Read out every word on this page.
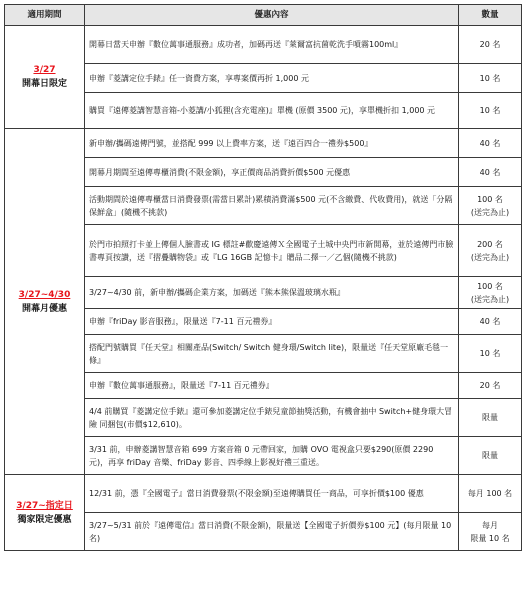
適用期間	優惠內容	數量

3/27
開幕日限定	開幕日當天申辦『數位萬事通服務』成功者，加碼再送『萊爾富抗菌乾洗手噴霧100ml』	20 名
	申辦『菱講定位手錶』任一資費方案，享專案價再折 1,000 元	10 名
	購買『遠傳菱講智慧音箱-小菱講/小狐狸(含充電座)』單機 (原價 3500 元)，享單機折扣 1,000 元	10 名

3/27~4/30
開幕月優惠	新申辦/攜碼遠傳門號，並搭配 999 以上費率方案，送『遠百四合一禮券$500』	40 名
	開幕月期間至遠傳專櫃消費(不限金額)，享正價商品消費折價$500 元優惠	40 名
	活動期間於遠傳專櫃當日消費發票(需當日累計)累積消費滿$500 元(不含繳費、代收費用)，就送「分隔保鮮盒」(隨機不挑款)	100 名
(送完為止)
	於門市拍照打卡並上傳個人臉書或 IG 標註#歡慶遠傳Ｘ全國電子土城中央門市新開幕，並於遠傳門市臉書專頁按讚，送『摺疊購物袋』或『LG 16GB 記憶卡』贈品二擇一／乙個(隨機不挑款)	200 名
(送完為止)
	3/27~4/30 前，新申辦/攜碼企業方案，加碼送『熊本熊保溫玻璃水瓶』	100 名
(送完為止)
	申辦『friDay 影音服務』，限量送『7-11 百元禮券』	40 名
	搭配門號購買『任天堂』相關產品(Switch/ Switch 健身環/Switch lite)，限量送『任天堂原廠毛毯一條』	10 名
	申辦『數位萬事通服務』，限量送『7-11 百元禮券』	20 名
	4/4 前購買『菱講定位手錶』還可參加菱講定位手錶兒童節抽獎活動，有機會抽中 Switch+健身環大冒險 同捆包(市價$12,610)。	限量
	3/31 前，申辦菱講智慧音箱 699 方案音箱 0 元帶回家，加購 OVO 電視盒只要$290(原價 2290 元)，再享 friDay 音樂、friDay 影音、四季線上影視好禮三重送。	限量

3/27~指定日
獨家限定優惠	12/31 前，憑『全國電子』當日消費發票(不限金額)至遠傳購買任一商品，可享折價$100 優惠	每月 100 名
	3/27~5/31 前於『遠傳電信』當日消費(不限金額)，限量送【全國電子折價券$100 元】(每月限量 10 名)	每月
限量 10 名
